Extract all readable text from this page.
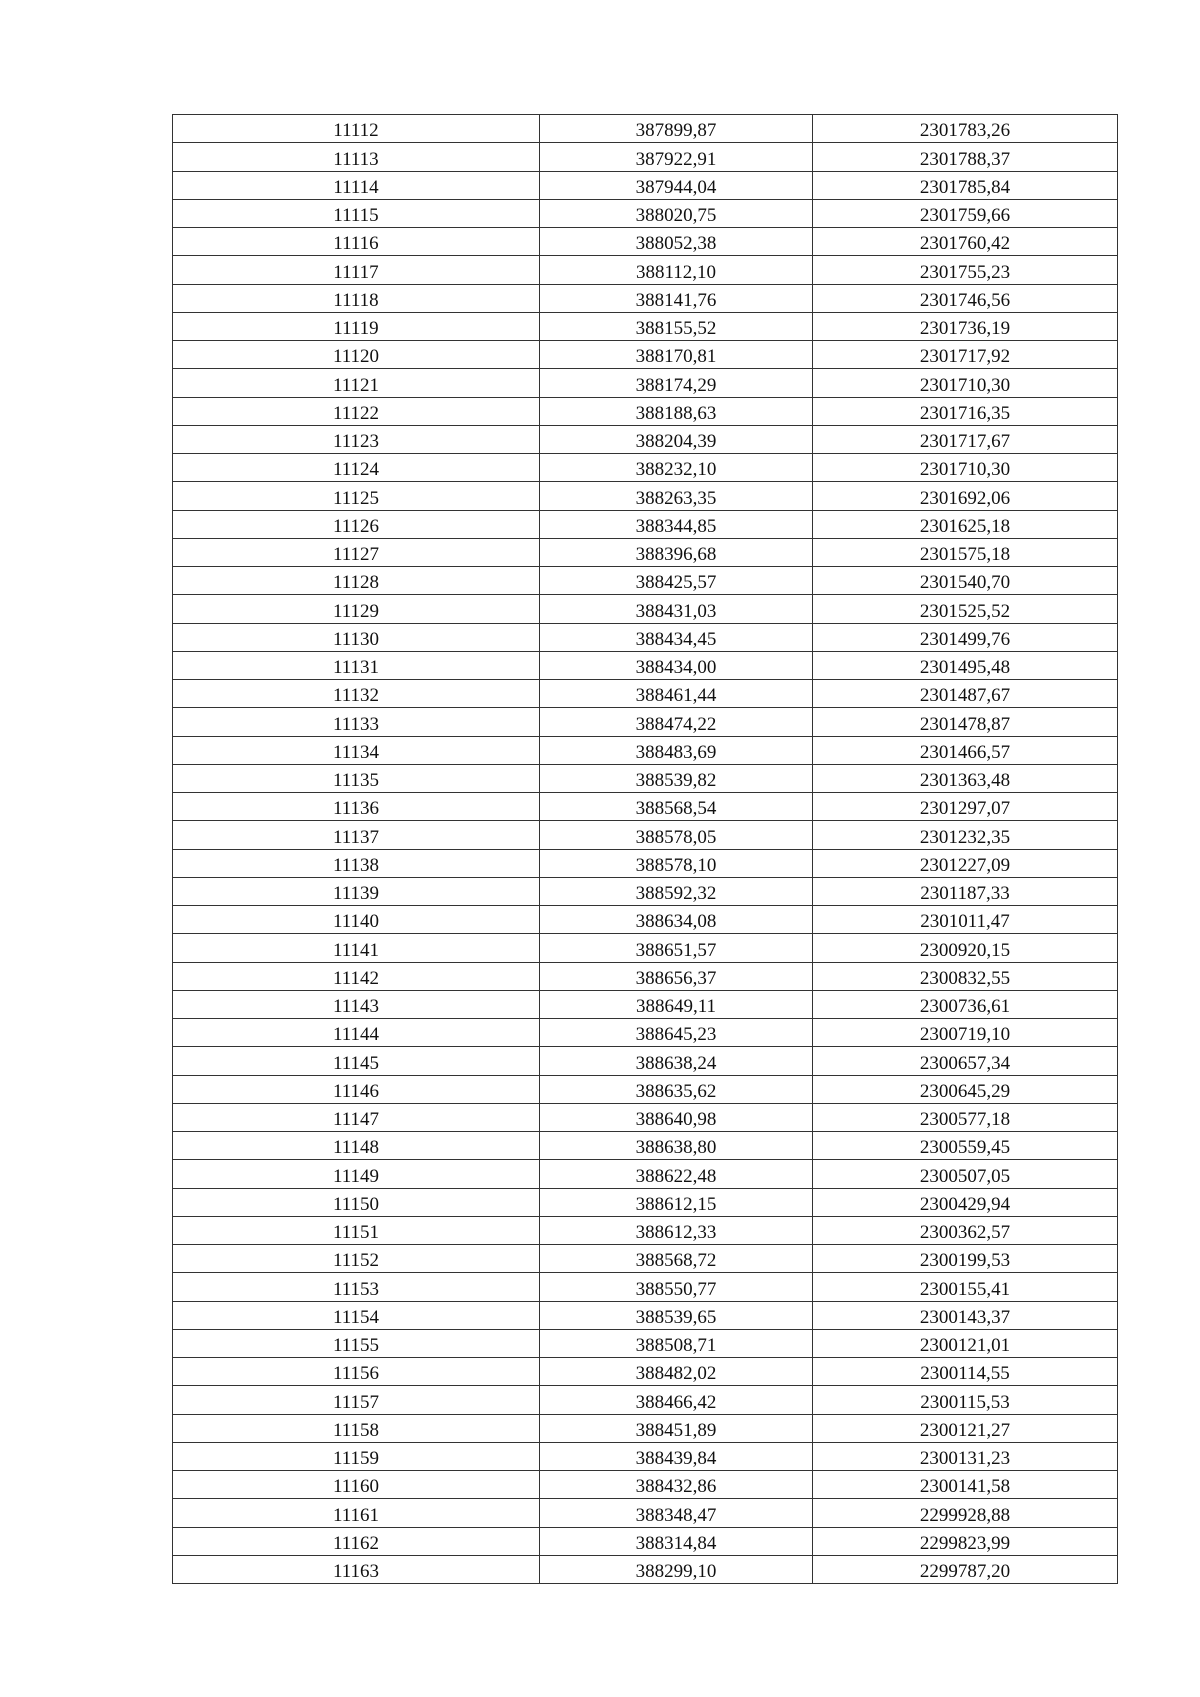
11112	387899,87	2301783,26
11113	387922,91	2301788,37
11114	387944,04	2301785,84
11115	388020,75	2301759,66
11116	388052,38	2301760,42
11117	388112,10	2301755,23
11118	388141,76	2301746,56
11119	388155,52	2301736,19
11120	388170,81	2301717,92
11121	388174,29	2301710,30
11122	388188,63	2301716,35
11123	388204,39	2301717,67
11124	388232,10	2301710,30
11125	388263,35	2301692,06
11126	388344,85	2301625,18
11127	388396,68	2301575,18
11128	388425,57	2301540,70
11129	388431,03	2301525,52
11130	388434,45	2301499,76
11131	388434,00	2301495,48
11132	388461,44	2301487,67
11133	388474,22	2301478,87
11134	388483,69	2301466,57
11135	388539,82	2301363,48
11136	388568,54	2301297,07
11137	388578,05	2301232,35
11138	388578,10	2301227,09
11139	388592,32	2301187,33
11140	388634,08	2301011,47
11141	388651,57	2300920,15
11142	388656,37	2300832,55
11143	388649,11	2300736,61
11144	388645,23	2300719,10
11145	388638,24	2300657,34
11146	388635,62	2300645,29
11147	388640,98	2300577,18
11148	388638,80	2300559,45
11149	388622,48	2300507,05
11150	388612,15	2300429,94
11151	388612,33	2300362,57
11152	388568,72	2300199,53
11153	388550,77	2300155,41
11154	388539,65	2300143,37
11155	388508,71	2300121,01
11156	388482,02	2300114,55
11157	388466,42	2300115,53
11158	388451,89	2300121,27
11159	388439,84	2300131,23
11160	388432,86	2300141,58
11161	388348,47	2299928,88
11162	388314,84	2299823,99
11163	388299,10	2299787,20
